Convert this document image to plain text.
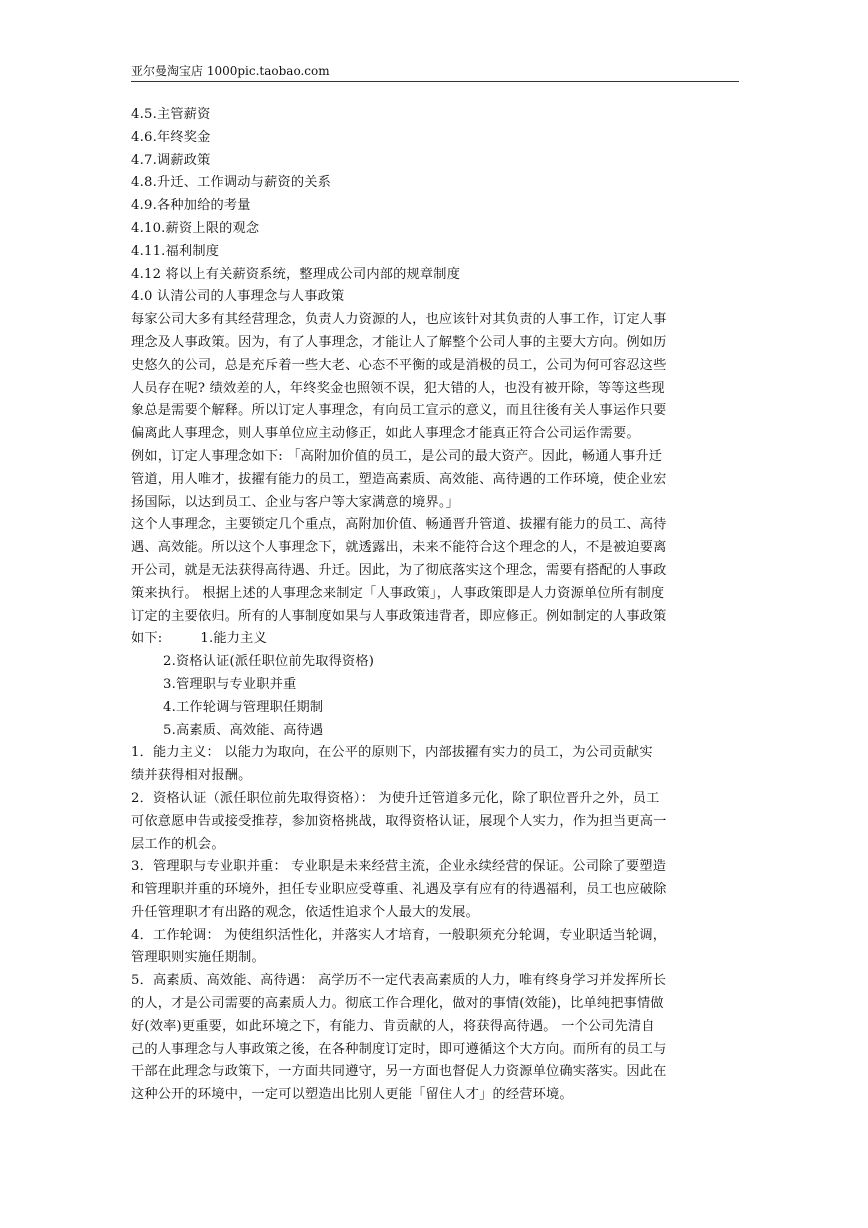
亚尔曼淘宝店 1000pic.taobao.com
4.5.主管薪资
4.6.年终奖金
4.7.调薪政策
4.8.升迁、工作调动与薪资的关系
4.9.各种加给的考量
4.10.薪资上限的观念
4.11.福利制度
4.12 将以上有关薪资系统，整理成公司内部的规章制度
4.0 认清公司的人事理念与人事政策
每家公司大多有其经营理念，负责人力资源的人，也应该针对其负责的人事工作，订定人事
理念及人事政策。因为，有了人事理念，才能让人了解整个公司人事的主要大方向。例如历
史悠久的公司，总是充斥着一些大老、心态不平衡的或是消极的员工，公司为何可容忍这些
人员存在呢? 绩效差的人，年终奖金也照领不误，犯大错的人，也没有被开除，等等这些现
象总是需要个解释。所以订定人事理念，有向员工宣示的意义，而且往後有关人事运作只要
偏离此人事理念，则人事单位应主动修正，如此人事理念才能真正符合公司运作需要。
例如，订定人事理念如下: 「高附加价值的员工，是公司的最大资产。因此，畅通人事升迁
管道，用人唯才，拔擢有能力的员工，塑造高素质、高效能、高待遇的工作环境，使企业宏
扬国际，以达到员工、企业与客户等大家满意的境界。」
这个人事理念，主要锁定几个重点，高附加价值、畅通晋升管道、拔擢有能力的员工、高待
遇、高效能。所以这个人事理念下，就透露出，未来不能符合这个理念的人，不是被迫要离
开公司，就是无法获得高待遇、升迁。因此，为了彻底落实这个理念，需要有搭配的人事政
策来执行。 根据上述的人事理念来制定「人事政策」，人事政策即是人力资源单位所有制度
订定的主要依归。所有的人事制度如果与人事政策违背者，即应修正。例如制定的人事政策
如下:	1.能力主义
2.资格认证(派任职位前先取得资格)
3.管理职与专业职并重
4.工作轮调与管理职任期制
5.高素质、高效能、高待遇
1．能力主义： 以能力为取向，在公平的原则下，内部拔擢有实力的员工，为公司贡献实
绩并获得相对报酬。
2．资格认证（派任职位前先取得资格）： 为使升迁管道多元化，除了职位晋升之外，员工
可依意愿申告或接受推荐，参加资格挑战，取得资格认证，展现个人实力，作为担当更高一
层工作的机会。
3．管理职与专业职并重： 专业职是未来经营主流，企业永续经营的保证。公司除了要塑造
和管理职并重的环境外，担任专业职应受尊重、礼遇及享有应有的待遇福利，员工也应破除
升任管理职才有出路的观念，依适性追求个人最大的发展。
4．工作轮调： 为使组织活性化，并落实人才培育，一般职须充分轮调，专业职适当轮调，
管理职则实施任期制。
5．高素质、高效能、高待遇： 高学历不一定代表高素质的人力，唯有终身学习并发挥所长
的人，才是公司需要的高素质人力。彻底工作合理化，做对的事情(效能)，比单纯把事情做
好(效率)更重要，如此环境之下，有能力、肯贡献的人，将获得高待遇。 一个公司先清自
己的人事理念与人事政策之後，在各种制度订定时，即可遵循这个大方向。而所有的员工与
干部在此理念与政策下，一方面共同遵守，另一方面也督促人力资源单位确实落实。因此在
这种公开的环境中，一定可以塑造出比别人更能「留住人才」的经营环境。
